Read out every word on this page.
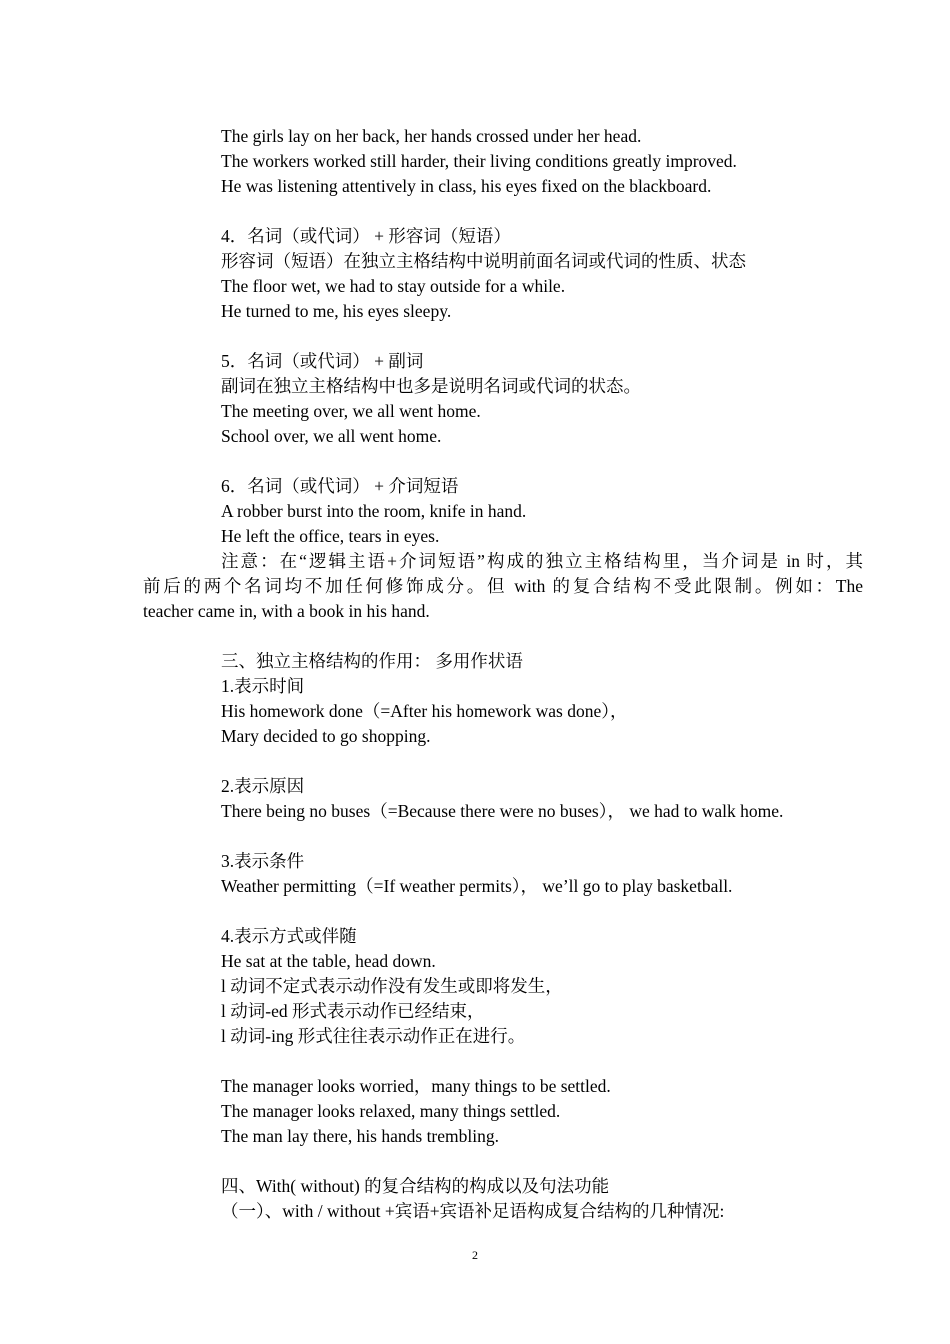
The girls lay on her back, her hands crossed under her head.
The workers worked still harder, their living conditions greatly improved.
He was listening attentively in class, his eyes fixed on the blackboard.
4．名词（或代词） + 形容词（短语）
形容词（短语）在独立主格结构中说明前面名词或代词的性质、状态
The floor wet, we had to stay outside for a while.
He turned to me, his eyes sleepy.
5．名词（或代词） + 副词
副词在独立主格结构中也多是说明名词或代词的状态。
The meeting over, we all went home.
School over, we all went home.
6．名词（或代词） + 介词短语
A robber burst into the room, knife in hand.
He left the office, tears in eyes.
注意：在“逻辑主语+介词短语”构成的独立主格结构里，当介词是 in 时，其
前后的两个名词均不加任何修饰成分。但 with 的复合结构不受此限制。例如：The
teacher came in, with a book in his hand.
三、独立主格结构的作用： 多用作状语
1.表示时间
His homework done（=After his homework was done），
Mary decided to go shopping.
2.表示原因
There being no buses（=Because there were no buses）， we had to walk home.
3.表示条件
Weather permitting（=If weather permits）， we’ll go to play basketball.
4.表示方式或伴随
He sat at the table, head down.
l 动词不定式表示动作没有发生或即将发生，
l 动词-ed 形式表示动作已经结束，
l 动词-ing 形式往往表示动作正在进行。
The manager looks worried，many things to be settled.
The manager looks relaxed, many things settled.
The man lay there, his hands trembling.
四、With( without) 的复合结构的构成以及句法功能
（一）、with / without +宾语+宾语补足语构成复合结构的几种情况:
2
